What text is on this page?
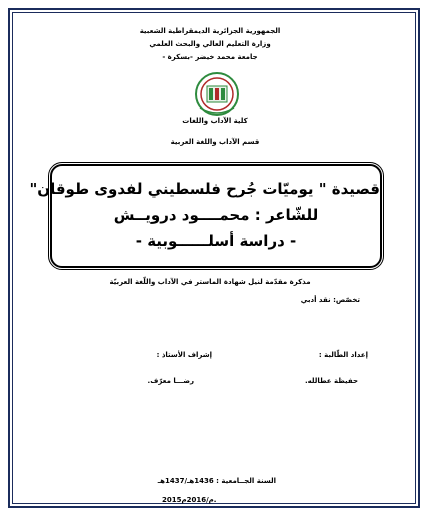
الجمهورية الجزائرية الديمقراطية الشعبية
وزارة التعليم العالي والبحث العلمي
جامعة محمد خيضر -بسكرة -
كلية الآداب واللغات
قسم الآداب واللغة العربية
قصيدة " يوميّات جُرح فلسطيني لفدوى طوقان"
للشّاعر : محمــــود درويــش
- دراسة أسلــــــوبية -
مذكرة مقدّمة لنيل شهادة الماستر في الآداب واللّغة العربيّة
تخصّص: نقد أدبي
إعداد الطّالبة :
إشراف الأستاذ :
حفيظة عطالله.
رضـــا معرّف.
السنة الجــامعية : 1436هـ/1437هـ
2015م/2016م.
